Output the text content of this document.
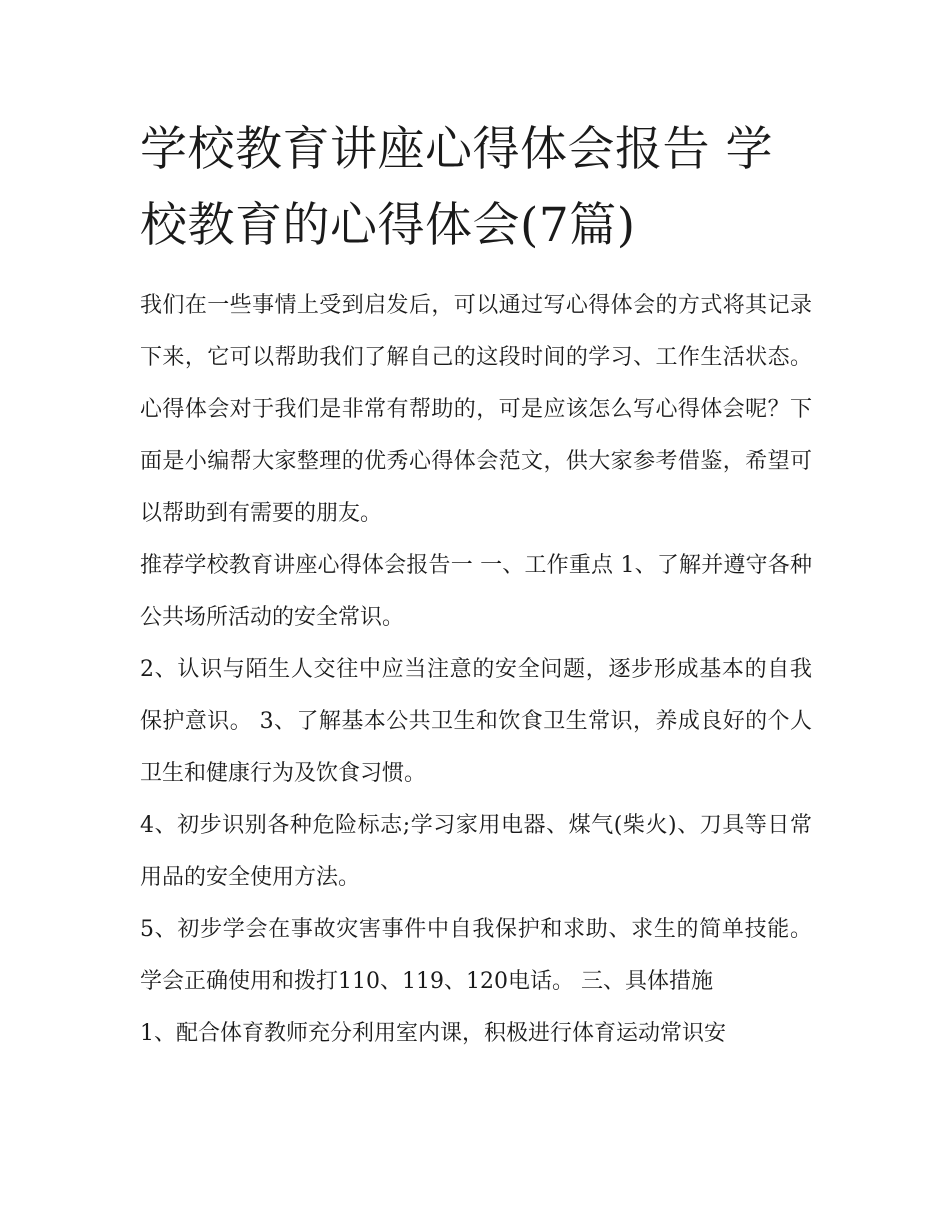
学校教育讲座心得体会报告 学校教育的心得体会(7篇)

我们在一些事情上受到启发后，可以通过写心得体会的方式将其记录下来，它可以帮助我们了解自己的这段时间的学习、工作生活状态。心得体会对于我们是非常有帮助的，可是应该怎么写心得体会呢？下面是小编帮大家整理的优秀心得体会范文，供大家参考借鉴，希望可以帮助到有需要的朋友。

推荐学校教育讲座心得体会报告一 一、工作重点 1、了解并遵守各种公共场所活动的安全常识。

2、认识与陌生人交往中应当注意的安全问题，逐步形成基本的自我保护意识。 3、了解基本公共卫生和饮食卫生常识，养成良好的个人卫生和健康行为及饮食习惯。

4、初步识别各种危险标志;学习家用电器、煤气(柴火)、刀具等日常用品的安全使用方法。

5、初步学会在事故灾害事件中自我保护和求助、求生的简单技能。学会正确使用和拨打110、119、120电话。 三、具体措施

1、配合体育教师充分利用室内课，积极进行体育运动常识安
